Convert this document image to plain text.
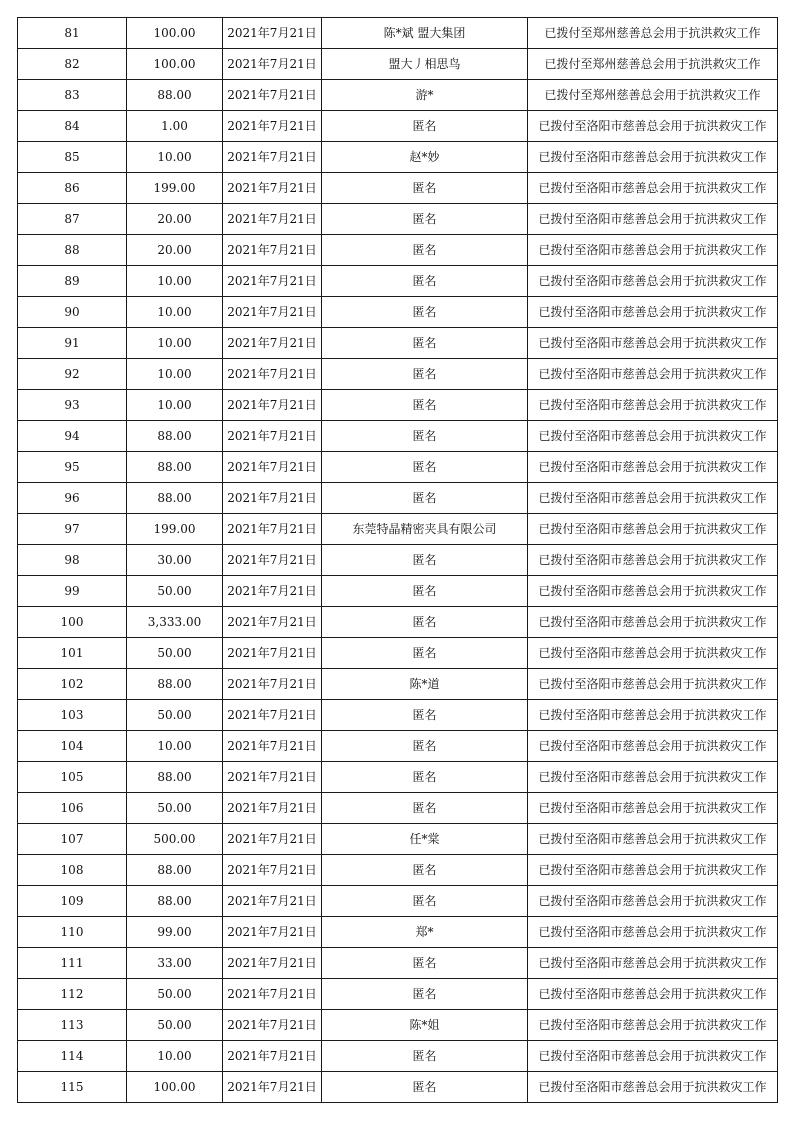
81	100.00	2021年7月21日	陈*斌 盟大集团	已拨付至郑州慈善总会用于抗洪救灾工作
82	100.00	2021年7月21日	盟大丿相思鸟	已拨付至郑州慈善总会用于抗洪救灾工作
83	88.00	2021年7月21日	游*	已拨付至郑州慈善总会用于抗洪救灾工作
84	1.00	2021年7月21日	匿名	已拨付至洛阳市慈善总会用于抗洪救灾工作
85	10.00	2021年7月21日	赵*妙	已拨付至洛阳市慈善总会用于抗洪救灾工作
86	199.00	2021年7月21日	匿名	已拨付至洛阳市慈善总会用于抗洪救灾工作
87	20.00	2021年7月21日	匿名	已拨付至洛阳市慈善总会用于抗洪救灾工作
88	20.00	2021年7月21日	匿名	已拨付至洛阳市慈善总会用于抗洪救灾工作
89	10.00	2021年7月21日	匿名	已拨付至洛阳市慈善总会用于抗洪救灾工作
90	10.00	2021年7月21日	匿名	已拨付至洛阳市慈善总会用于抗洪救灾工作
91	10.00	2021年7月21日	匿名	已拨付至洛阳市慈善总会用于抗洪救灾工作
92	10.00	2021年7月21日	匿名	已拨付至洛阳市慈善总会用于抗洪救灾工作
93	10.00	2021年7月21日	匿名	已拨付至洛阳市慈善总会用于抗洪救灾工作
94	88.00	2021年7月21日	匿名	已拨付至洛阳市慈善总会用于抗洪救灾工作
95	88.00	2021年7月21日	匿名	已拨付至洛阳市慈善总会用于抗洪救灾工作
96	88.00	2021年7月21日	匿名	已拨付至洛阳市慈善总会用于抗洪救灾工作
97	199.00	2021年7月21日	东莞特晶精密夹具有限公司	已拨付至洛阳市慈善总会用于抗洪救灾工作
98	30.00	2021年7月21日	匿名	已拨付至洛阳市慈善总会用于抗洪救灾工作
99	50.00	2021年7月21日	匿名	已拨付至洛阳市慈善总会用于抗洪救灾工作
100	3,333.00	2021年7月21日	匿名	已拨付至洛阳市慈善总会用于抗洪救灾工作
101	50.00	2021年7月21日	匿名	已拨付至洛阳市慈善总会用于抗洪救灾工作
102	88.00	2021年7月21日	陈*道	已拨付至洛阳市慈善总会用于抗洪救灾工作
103	50.00	2021年7月21日	匿名	已拨付至洛阳市慈善总会用于抗洪救灾工作
104	10.00	2021年7月21日	匿名	已拨付至洛阳市慈善总会用于抗洪救灾工作
105	88.00	2021年7月21日	匿名	已拨付至洛阳市慈善总会用于抗洪救灾工作
106	50.00	2021年7月21日	匿名	已拨付至洛阳市慈善总会用于抗洪救灾工作
107	500.00	2021年7月21日	任*棠	已拨付至洛阳市慈善总会用于抗洪救灾工作
108	88.00	2021年7月21日	匿名	已拨付至洛阳市慈善总会用于抗洪救灾工作
109	88.00	2021年7月21日	匿名	已拨付至洛阳市慈善总会用于抗洪救灾工作
110	99.00	2021年7月21日	郑*	已拨付至洛阳市慈善总会用于抗洪救灾工作
111	33.00	2021年7月21日	匿名	已拨付至洛阳市慈善总会用于抗洪救灾工作
112	50.00	2021年7月21日	匿名	已拨付至洛阳市慈善总会用于抗洪救灾工作
113	50.00	2021年7月21日	陈*姐	已拨付至洛阳市慈善总会用于抗洪救灾工作
114	10.00	2021年7月21日	匿名	已拨付至洛阳市慈善总会用于抗洪救灾工作
115	100.00	2021年7月21日	匿名	已拨付至洛阳市慈善总会用于抗洪救灾工作
